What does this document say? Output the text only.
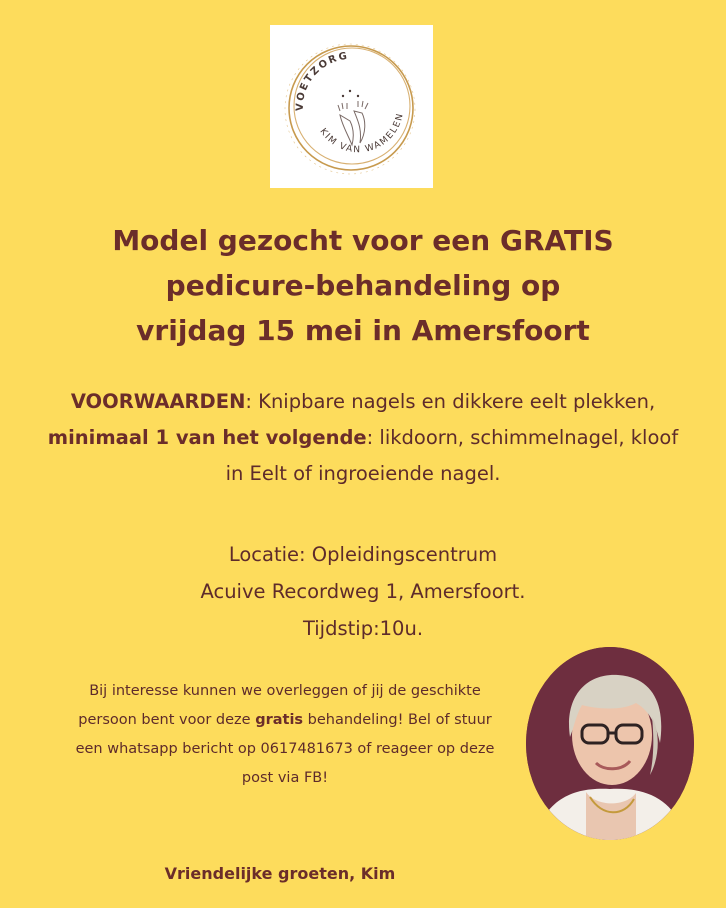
VOETZORG
KIM VAN WAMELEN
Model gezocht voor een GRATIS
pedicure-behandeling op
vrijdag 15 mei in Amersfoort

VOORWAARDEN: Knipbare nagels en dikkere eelt plekken, minimaal 1 van het volgende: likdoorn, schimmelnagel, kloof in Eelt of ingroeiende nagel.

Locatie: Opleidingscentrum
Acuive Recordweg 1, Amersfoort.
Tijdstip:10u.

Bij interesse kunnen we overleggen of jij de geschikte persoon bent voor deze gratis behandeling! Bel of stuur een whatsapp bericht op 0617481673 of reageer op deze post via FB!

Vriendelijke groeten, Kim
